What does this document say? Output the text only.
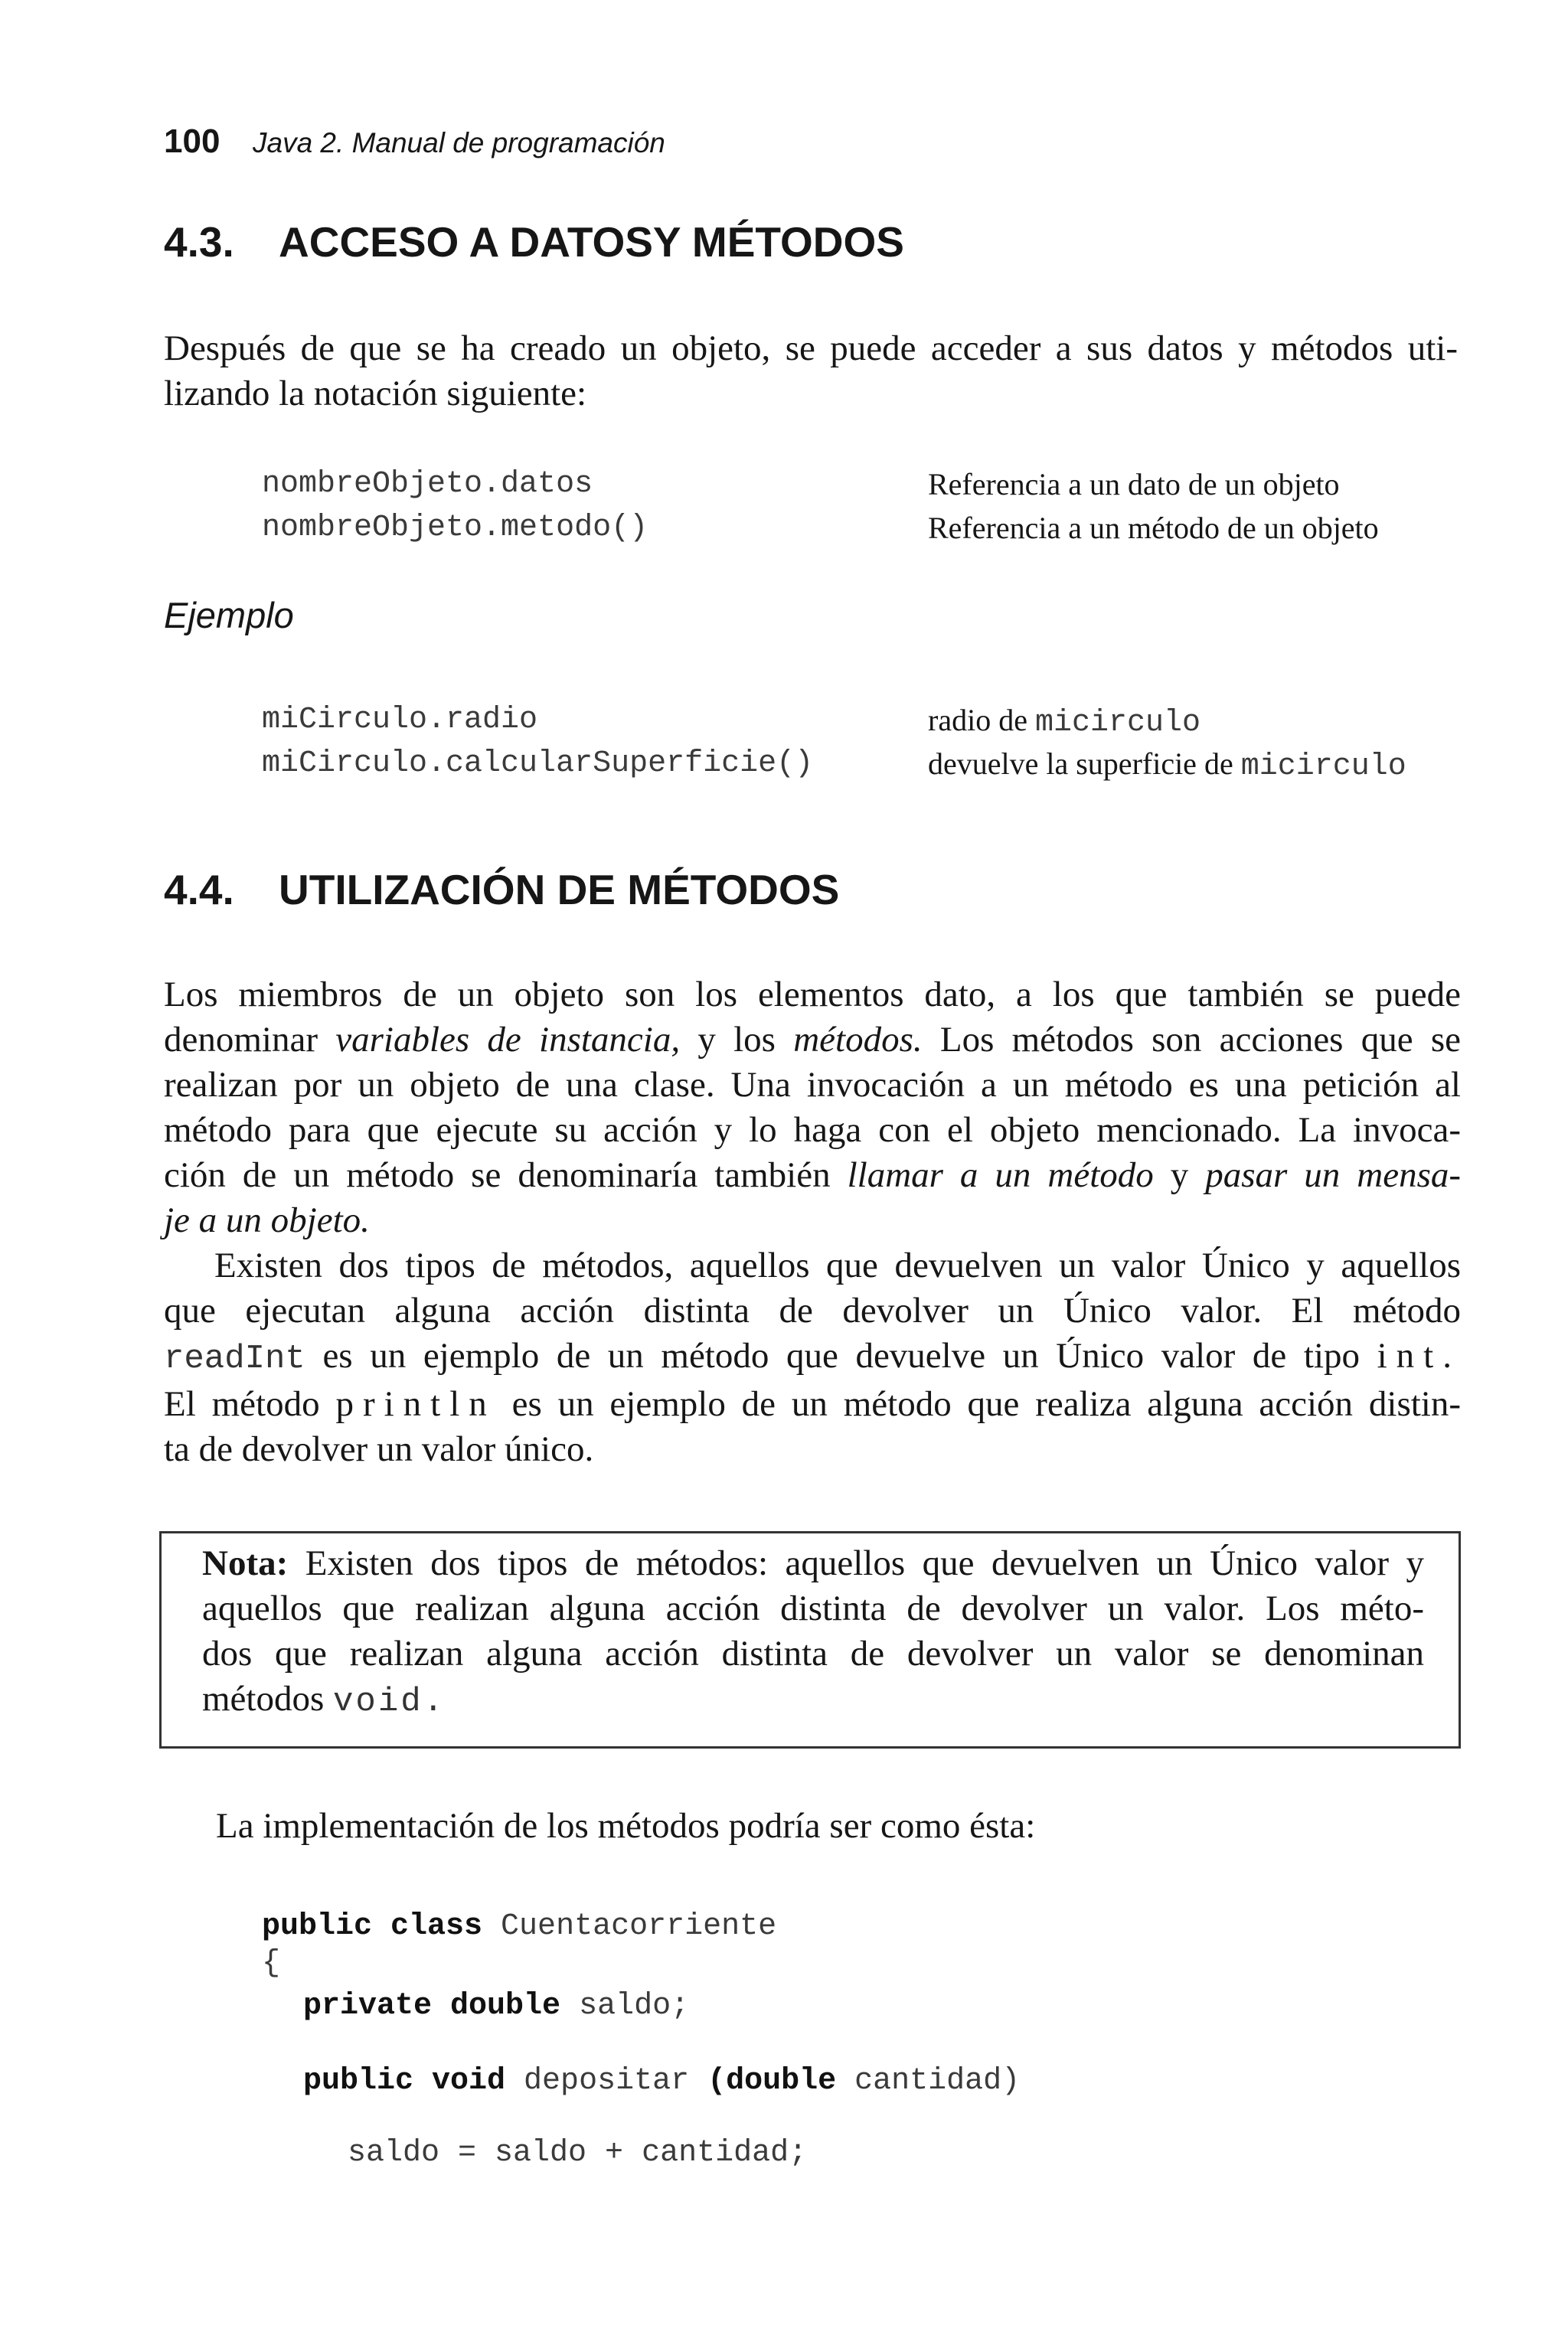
100 Java 2. Manual de programación
4.3. ACCESO A DATOSY MÉTODOS
Después de que se ha creado un objeto, se puede acceder a sus datos y métodos uti-
lizando la notación siguiente:
nombreObjeto.datos	Referencia a un dato de un objeto
nombreObjeto.metodo()	Referencia a un método de un objeto
Ejemplo
miCirculo.radio	radio de micirculo
miCirculo.calcularSuperficie()	devuelve la superficie de micirculo
4.4. UTILIZACIÓN DE MÉTODOS
Los miembros de un objeto son los elementos dato, a los que también se puede
denominar variables de instancia, y los métodos. Los métodos son acciones que se
realizan por un objeto de una clase. Una invocación a un método es una petición al
método para que ejecute su acción y lo haga con el objeto mencionado. La invoca-
ción de un método se denominaría también llamar a un método y pasar un mensa-
je a un objeto.
Existen dos tipos de métodos, aquellos que devuelven un valor Único y aquellos
que ejecutan alguna acción distinta de devolver un Único valor. El método
readInt es un ejemplo de un método que devuelve un Único valor de tipo int.
El método println es un ejemplo de un método que realiza alguna acción distin-
ta de devolver un valor único.
Nota: Existen dos tipos de métodos: aquellos que devuelven un Único valor y
aquellos que realizan alguna acción distinta de devolver un valor. Los méto-
dos que realizan alguna acción distinta de devolver un valor se denominan
métodos void.
La implementación de los métodos podría ser como ésta:
public class Cuentacorriente
{
private double saldo;
public void depositar (double cantidad)
saldo = saldo + cantidad;
